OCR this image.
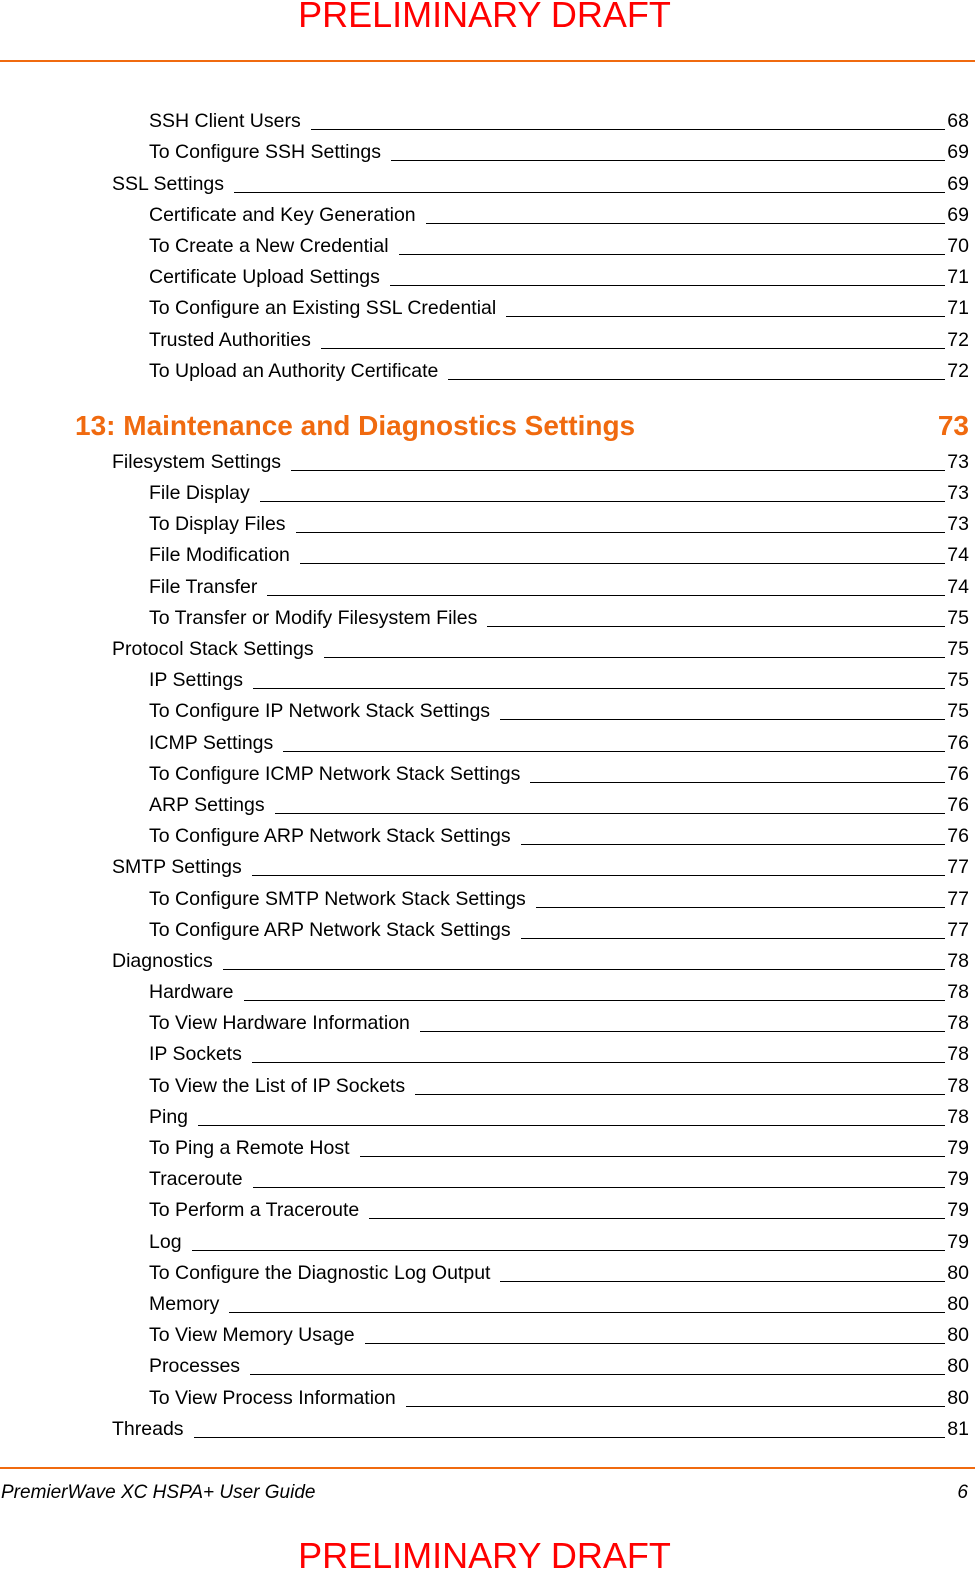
PRELIMINARY DRAFT
SSH Client Users	68
To Configure SSH Settings	69
SSL Settings	69
Certificate and Key Generation	69
To Create a New Credential	70
Certificate Upload Settings	71
To Configure an Existing SSL Credential	71
Trusted Authorities	72
To Upload an Authority Certificate	72
13: Maintenance and Diagnostics Settings	73
Filesystem Settings	73
File Display	73
To Display Files	73
File Modification	74
File Transfer	74
To Transfer or Modify Filesystem Files	75
Protocol Stack Settings	75
IP Settings	75
To Configure IP Network Stack Settings	75
ICMP Settings	76
To Configure ICMP Network Stack Settings	76
ARP Settings	76
To Configure ARP Network Stack Settings	76
SMTP Settings	77
To Configure SMTP Network Stack Settings	77
To Configure ARP Network Stack Settings	77
Diagnostics	78
Hardware	78
To View Hardware Information	78
IP Sockets	78
To View the List of IP Sockets	78
Ping	78
To Ping a Remote Host	79
Traceroute	79
To Perform a Traceroute	79
Log	79
To Configure the Diagnostic Log Output	80
Memory	80
To View Memory Usage	80
Processes	80
To View Process Information	80
Threads	81
PremierWave XC HSPA+ User Guide	6
PRELIMINARY DRAFT
